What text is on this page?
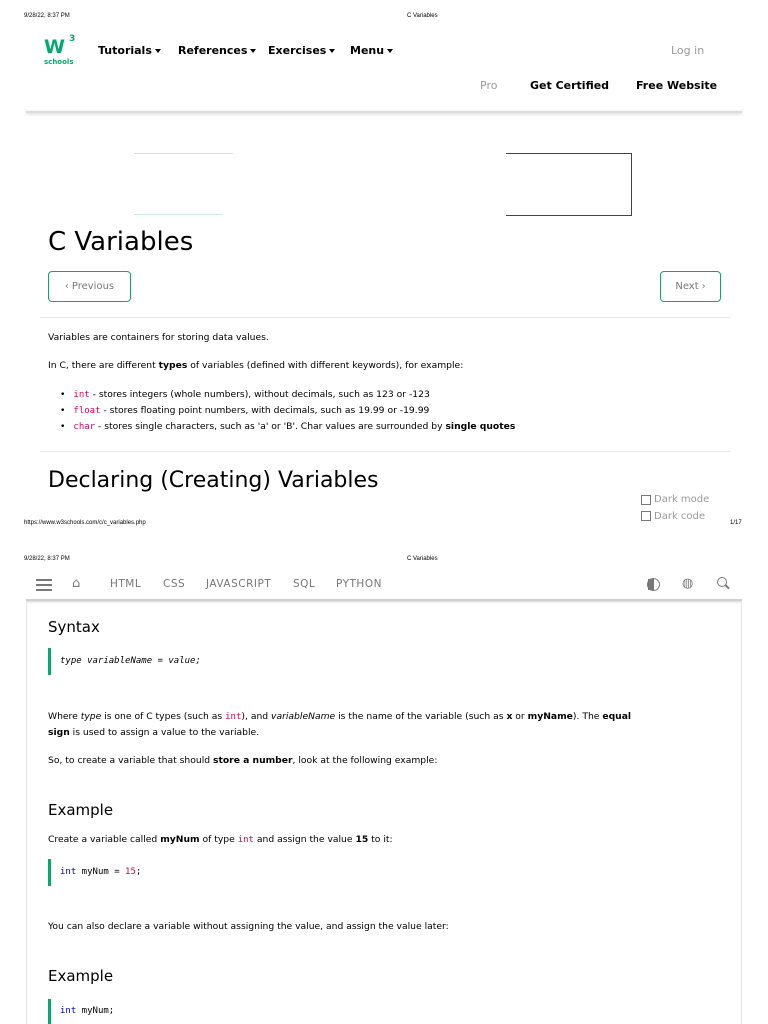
9/28/22, 8:37 PM	C Variables
W 3
schools
Tutorials	References	Exercises	Menu	Log in
Pro	Get Certified Free Website
C Variables
‹ Previous	Next ›
Variables are containers for storing data values.
In C, there are different types of variables (defined with different keywords), for example:
• int - stores integers (whole numbers), without decimals, such as 123 or -123
• float - stores floating point numbers, with decimals, such as 19.99 or -19.99
• char - stores single characters, such as 'a' or 'B'. Char values are surrounded by single quotes
Declaring (Creating) Variables
Dark mode
Dark code
https://www.w3schools.com/c/c_variables.php	1/17
9/28/22, 8:37 PM	C Variables
⌂	HTML CSS JAVASCRIPT SQL PYTHON	◍
Syntax
type variableName = value;
Where type is one of C types (such as int), and variableName is the name of the variable (such as x or myName). The equal
sign is used to assign a value to the variable.
So, to create a variable that should store a number, look at the following example:
Example
Create a variable called myNum of type int and assign the value 15 to it:
int myNum = 15;
You can also declare a variable without assigning the value, and assign the value later:
Example
int myNum;
